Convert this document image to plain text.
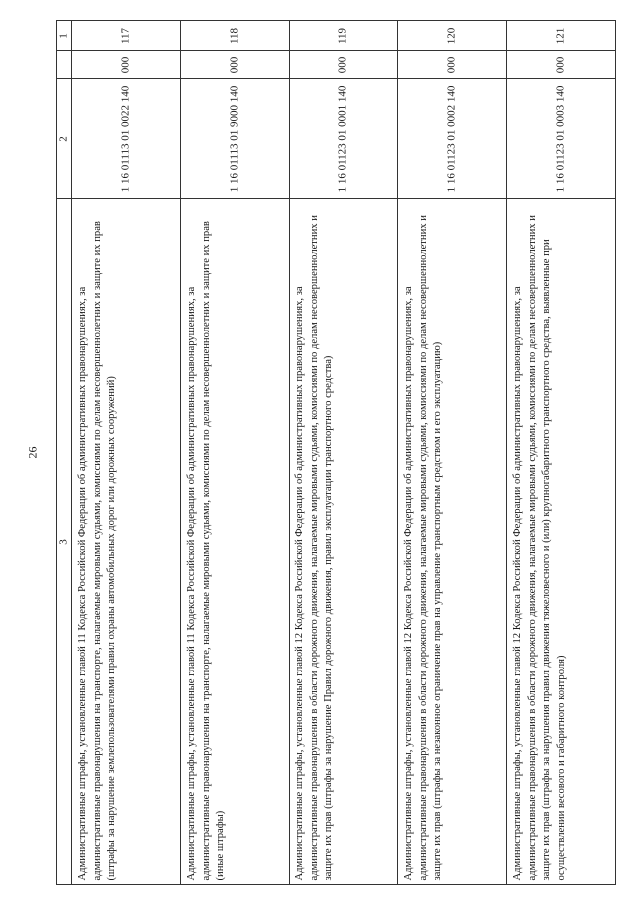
26
1
2
3
117
000
1 16 01113 01 0022 140
Административные штрафы, установленные главой 11 Кодекса Российской Федерации об административных правонарушениях, за административные правонарушения на транспорте, налагаемые мировыми судьями, комиссиями по делам несовершеннолетних и защите их прав (штрафы за нарушение землепользователями правил охраны автомобильных дорог или дорожных сооружений)
118
000
1 16 01113 01 9000 140
Административные штрафы, установленные главой 11 Кодекса Российской Федерации об административных правонарушениях, за административные правонарушения на транспорте, налагаемые мировыми судьями, комиссиями по делам несовершеннолетних и защите их прав (иные штрафы)
119
000
1 16 01123 01 0001 140
Административные штрафы, установленные главой 12 Кодекса Российской Федерации об административных правонарушениях, за административные правонарушения в области дорожного движения, налагаемые мировыми судьями, комиссиями по делам несовершеннолетних и защите их прав (штрафы за нарушение Правил дорожного движения, правил эксплуатации транспортного средства)
120
000
1 16 01123 01 0002 140
Административные штрафы, установленные главой 12 Кодекса Российской Федерации об административных правонарушениях, за административные правонарушения в области дорожного движения, налагаемые мировыми судьями, комиссиями по делам несовершеннолетних и защите их прав (штрафы за незаконное ограничение прав на управление транспортным средством и его эксплуатацию)
121
000
1 16 01123 01 0003 140
Административные штрафы, установленные главой 12 Кодекса Российской Федерации об административных правонарушениях, за административные правонарушения в области дорожного движения, налагаемые мировыми судьями, комиссиями по делам несовершеннолетних и защите их прав (штрафы за нарушения правил движения тяжеловесного и (или) крупногабаритного транспортного средства, выявленные при осуществлении весового и габаритного контроля)
